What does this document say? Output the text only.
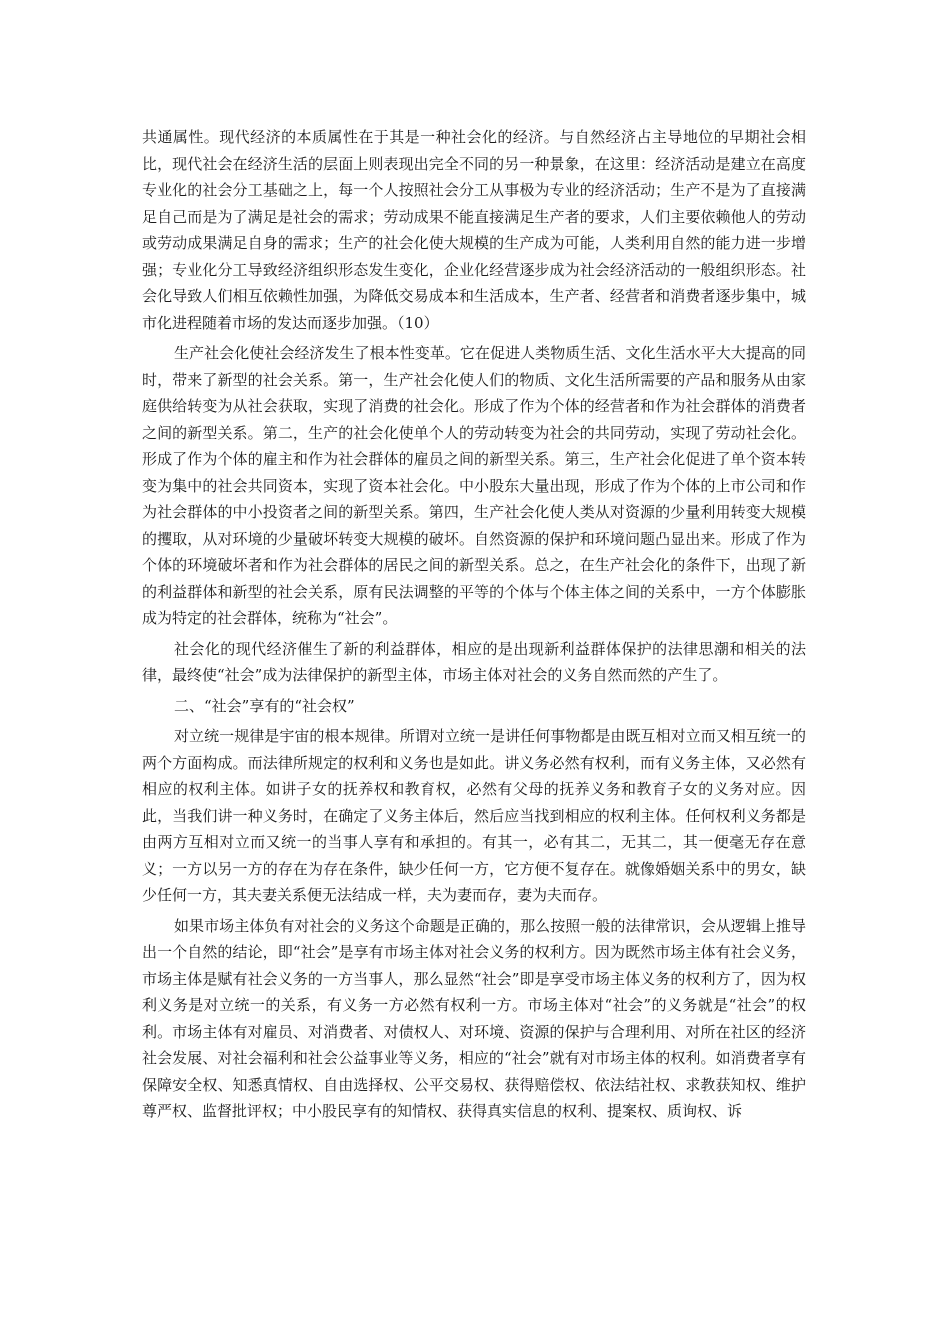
共通属性。现代经济的本质属性在于其是一种社会化的经济。与自然经济占主导地位的早期社会相比，现代社会在经济生活的层面上则表现出完全不同的另一种景象，在这里：经济活动是建立在高度专业化的社会分工基础之上，每一个人按照社会分工从事极为专业的经济活动；生产不是为了直接满足自己而是为了满足是社会的需求；劳动成果不能直接满足生产者的要求，人们主要依赖他人的劳动或劳动成果满足自身的需求；生产的社会化使大规模的生产成为可能，人类利用自然的能力进一步增强；专业化分工导致经济组织形态发生变化，企业化经营逐步成为社会经济活动的一般组织形态。社会化导致人们相互依赖性加强，为降低交易成本和生活成本，生产者、经营者和消费者逐步集中，城市化进程随着市场的发达而逐步加强。（10）

生产社会化使社会经济发生了根本性变革。它在促进人类物质生活、文化生活水平大大提高的同时，带来了新型的社会关系。第一，生产社会化使人们的物质、文化生活所需要的产品和服务从由家庭供给转变为从社会获取，实现了消费的社会化。形成了作为个体的经营者和作为社会群体的消费者之间的新型关系。第二，生产的社会化使单个人的劳动转变为社会的共同劳动，实现了劳动社会化。形成了作为个体的雇主和作为社会群体的雇员之间的新型关系。第三，生产社会化促进了单个资本转变为集中的社会共同资本，实现了资本社会化。中小股东大量出现，形成了作为个体的上市公司和作为社会群体的中小投资者之间的新型关系。第四，生产社会化使人类从对资源的少量利用转变大规模的攫取，从对环境的少量破坏转变大规模的破坏。自然资源的保护和环境问题凸显出来。形成了作为个体的环境破坏者和作为社会群体的居民之间的新型关系。总之，在生产社会化的条件下，出现了新的利益群体和新型的社会关系，原有民法调整的平等的个体与个体主体之间的关系中，一方个体膨胀成为特定的社会群体，统称为“社会”。

社会化的现代经济催生了新的利益群体，相应的是出现新利益群体保护的法律思潮和相关的法律，最终使“社会”成为法律保护的新型主体，市场主体对社会的义务自然而然的产生了。

二、“社会”享有的“社会权”

对立统一规律是宇宙的根本规律。所谓对立统一是讲任何事物都是由既互相对立而又相互统一的两个方面构成。而法律所规定的权利和义务也是如此。讲义务必然有权利，而有义务主体，又必然有相应的权利主体。如讲子女的抚养权和教育权，必然有父母的抚养义务和教育子女的义务对应。因此，当我们讲一种义务时，在确定了义务主体后，然后应当找到相应的权利主体。任何权利义务都是由两方互相对立而又统一的当事人享有和承担的。有其一，必有其二，无其二，其一便毫无存在意义；一方以另一方的存在为存在条件，缺少任何一方，它方便不复存在。就像婚姻关系中的男女，缺少任何一方，其夫妻关系便无法结成一样，夫为妻而存，妻为夫而存。

如果市场主体负有对社会的义务这个命题是正确的，那么按照一般的法律常识，会从逻辑上推导出一个自然的结论，即“社会”是享有市场主体对社会义务的权利方。因为既然市场主体有社会义务，市场主体是赋有社会义务的一方当事人，那么显然“社会”即是享受市场主体义务的权利方了，因为权利义务是对立统一的关系，有义务一方必然有权利一方。市场主体对“社会”的义务就是“社会”的权利。市场主体有对雇员、对消费者、对债权人、对环境、资源的保护与合理利用、对所在社区的经济社会发展、对社会福利和社会公益事业等义务，相应的“社会”就有对市场主体的权利。如消费者享有保障安全权、知悉真情权、自由选择权、公平交易权、获得赔偿权、依法结社权、求教获知权、维护尊严权、监督批评权；中小股民享有的知情权、获得真实信息的权利、提案权、质询权、诉
